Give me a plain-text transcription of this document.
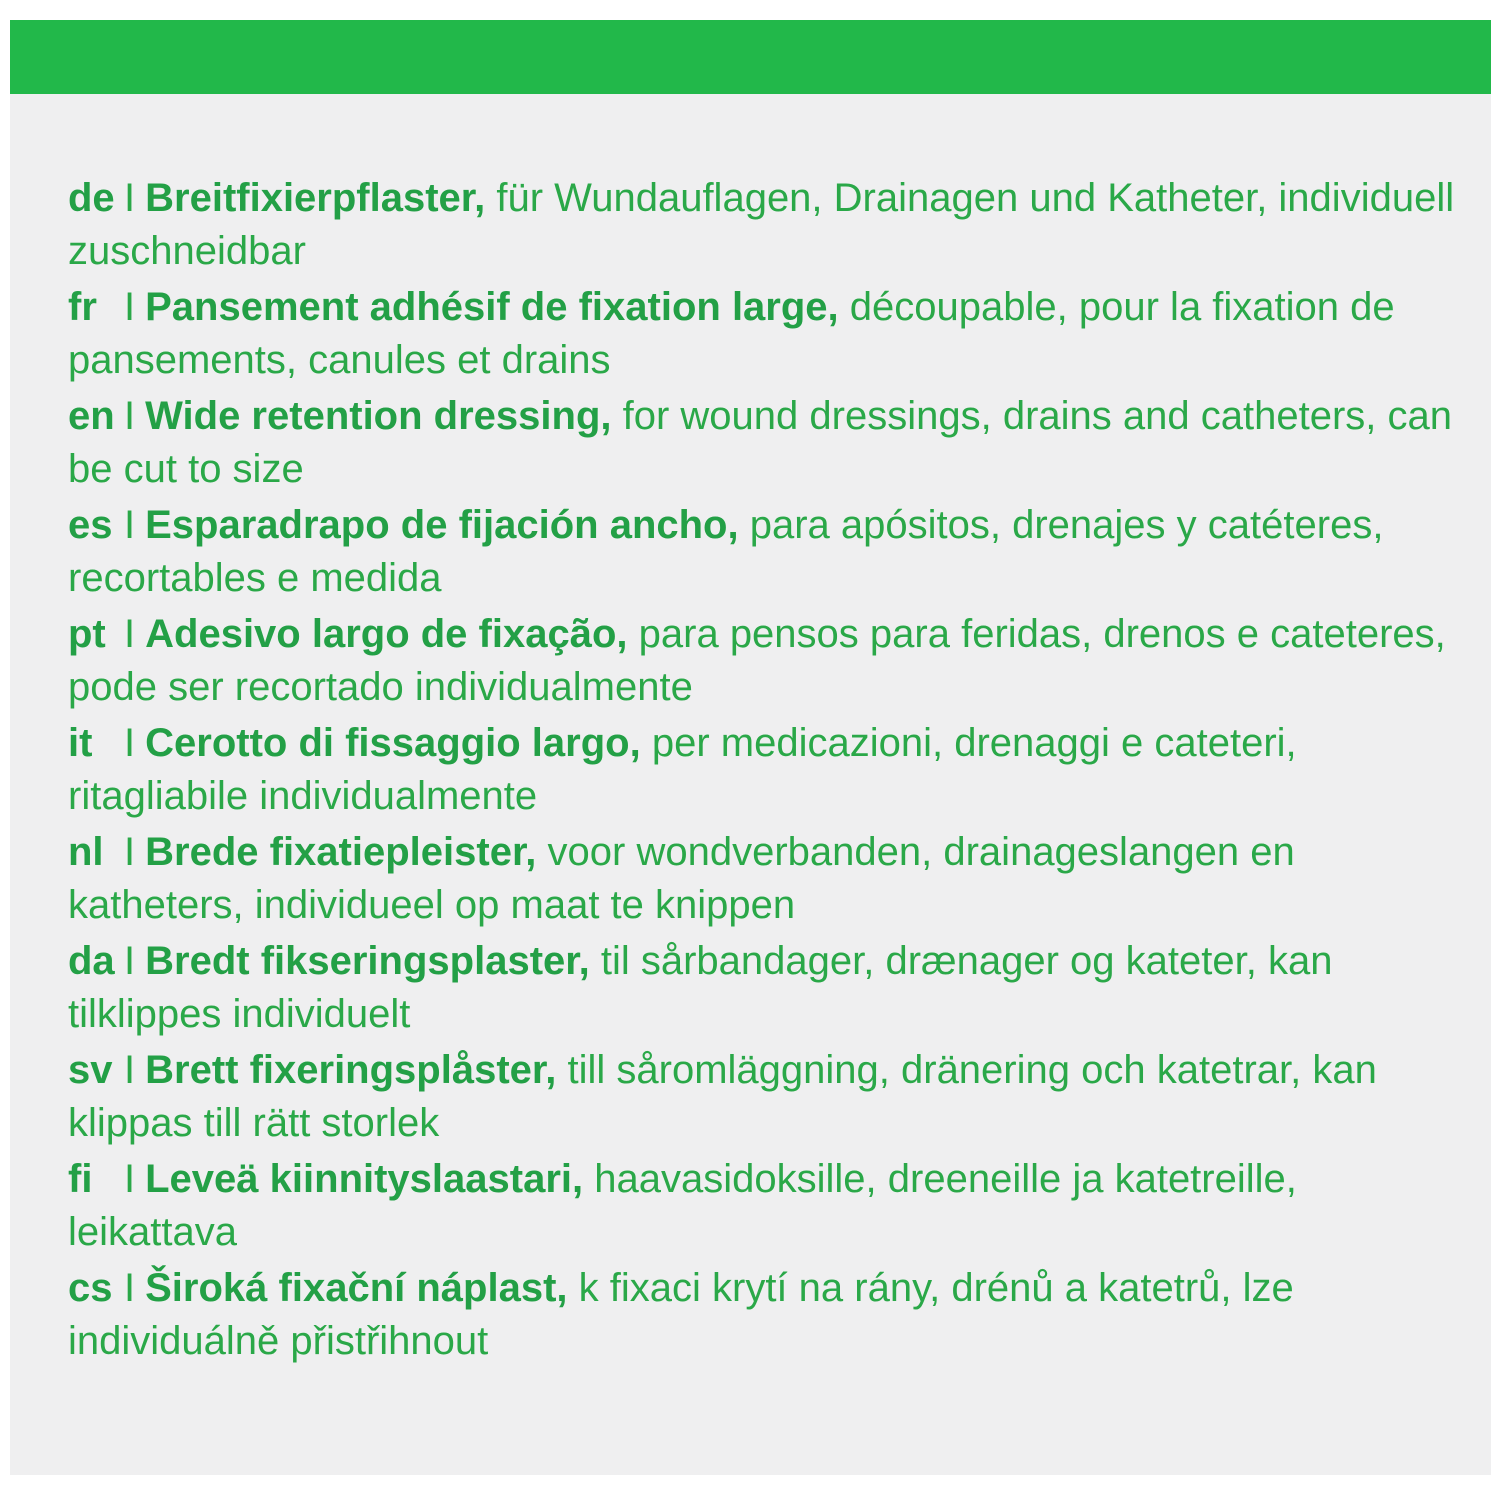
de I Breitfixierpflaster, für Wundauflagen, Drainagen und Katheter, individuell zuschneidbar

fr I Pansement adhésif de fixation large, découpable, pour la fixation de pansements, canules et drains

en I Wide retention dressing, for wound dressings, drains and catheters, can be cut to size

es I Esparadrapo de fijación ancho, para apósitos, drenajes y catéteres, recortables e medida

pt I Adesivo largo de fixação, para pensos para feridas, drenos e cateteres, pode ser recortado individualmente

it I Cerotto di fissaggio largo, per medicazioni, drenaggi e cateteri, ritagliabile individualmente

nl I Brede fixatiepleister, voor wondverbanden, drainageslangen en katheters, individueel op maat te knippen

da I Bredt fikseringsplaster, til sårbandager, drænager og kateter, kan tilklippes individuelt

sv I Brett fixeringsplåster, till såromläggning, dränering och katetrar, kan klippas till rätt storlek

fi I Leveä kiinnityslaastari, haavasidoksille, dreeneille ja katetreille, leikattava

cs I Široká fixační náplast, k fixaci krytí na rány, drénů a katetrů, lze individuálně přistřihnout
